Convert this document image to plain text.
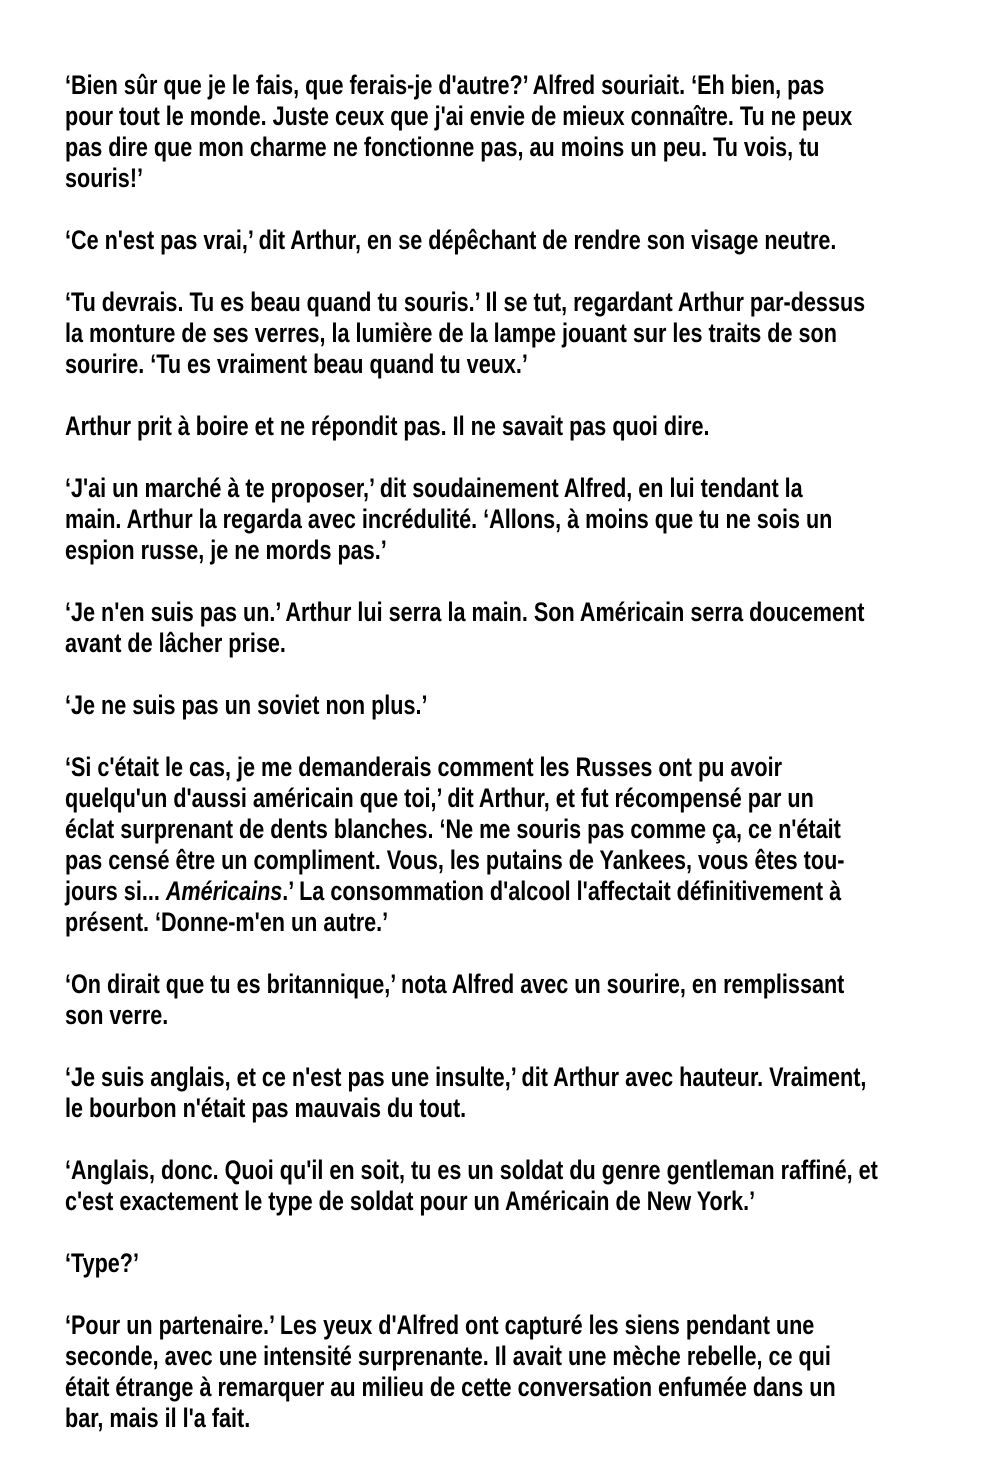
‘Bien sûr que je le fais, que ferais-je d'autre?’ Alfred souriait. ‘Eh bien, pas
pour tout le monde. Juste ceux que j'ai envie de mieux connaître. Tu ne peux
pas dire que mon charme ne fonctionne pas, au moins un peu. Tu vois, tu
souris!’

‘Ce n'est pas vrai,’ dit Arthur, en se dépêchant de rendre son visage neutre.

‘Tu devrais. Tu es beau quand tu souris.’ Il se tut, regardant Arthur par-dessus
la monture de ses verres, la lumière de la lampe jouant sur les traits de son
sourire. ‘Tu es vraiment beau quand tu veux.’

Arthur prit à boire et ne répondit pas. Il ne savait pas quoi dire.

‘J'ai un marché à te proposer,’ dit soudainement Alfred, en lui tendant la
main. Arthur la regarda avec incrédulité. ‘Allons, à moins que tu ne sois un
espion russe, je ne mords pas.’

‘Je n'en suis pas un.’ Arthur lui serra la main. Son Américain serra doucement
avant de lâcher prise.

‘Je ne suis pas un soviet non plus.’

‘Si c'était le cas, je me demanderais comment les Russes ont pu avoir
quelqu'un d'aussi américain que toi,’ dit Arthur, et fut récompensé par un
éclat surprenant de dents blanches. ‘Ne me souris pas comme ça, ce n'était
pas censé être un compliment. Vous, les putains de Yankees, vous êtes tou-
jours si... Américains.’ La consommation d'alcool l'affectait définitivement à
présent. ‘Donne-m'en un autre.’

‘On dirait que tu es britannique,’ nota Alfred avec un sourire, en remplissant
son verre.

‘Je suis anglais, et ce n'est pas une insulte,’ dit Arthur avec hauteur. Vraiment,
le bourbon n'était pas mauvais du tout.

‘Anglais, donc. Quoi qu'il en soit, tu es un soldat du genre gentleman raffiné, et
c'est exactement le type de soldat pour un Américain de New York.’

‘Type?’

‘Pour un partenaire.’ Les yeux d'Alfred ont capturé les siens pendant une
seconde, avec une intensité surprenante. Il avait une mèche rebelle, ce qui
était étrange à remarquer au milieu de cette conversation enfumée dans un
bar, mais il l'a fait.
